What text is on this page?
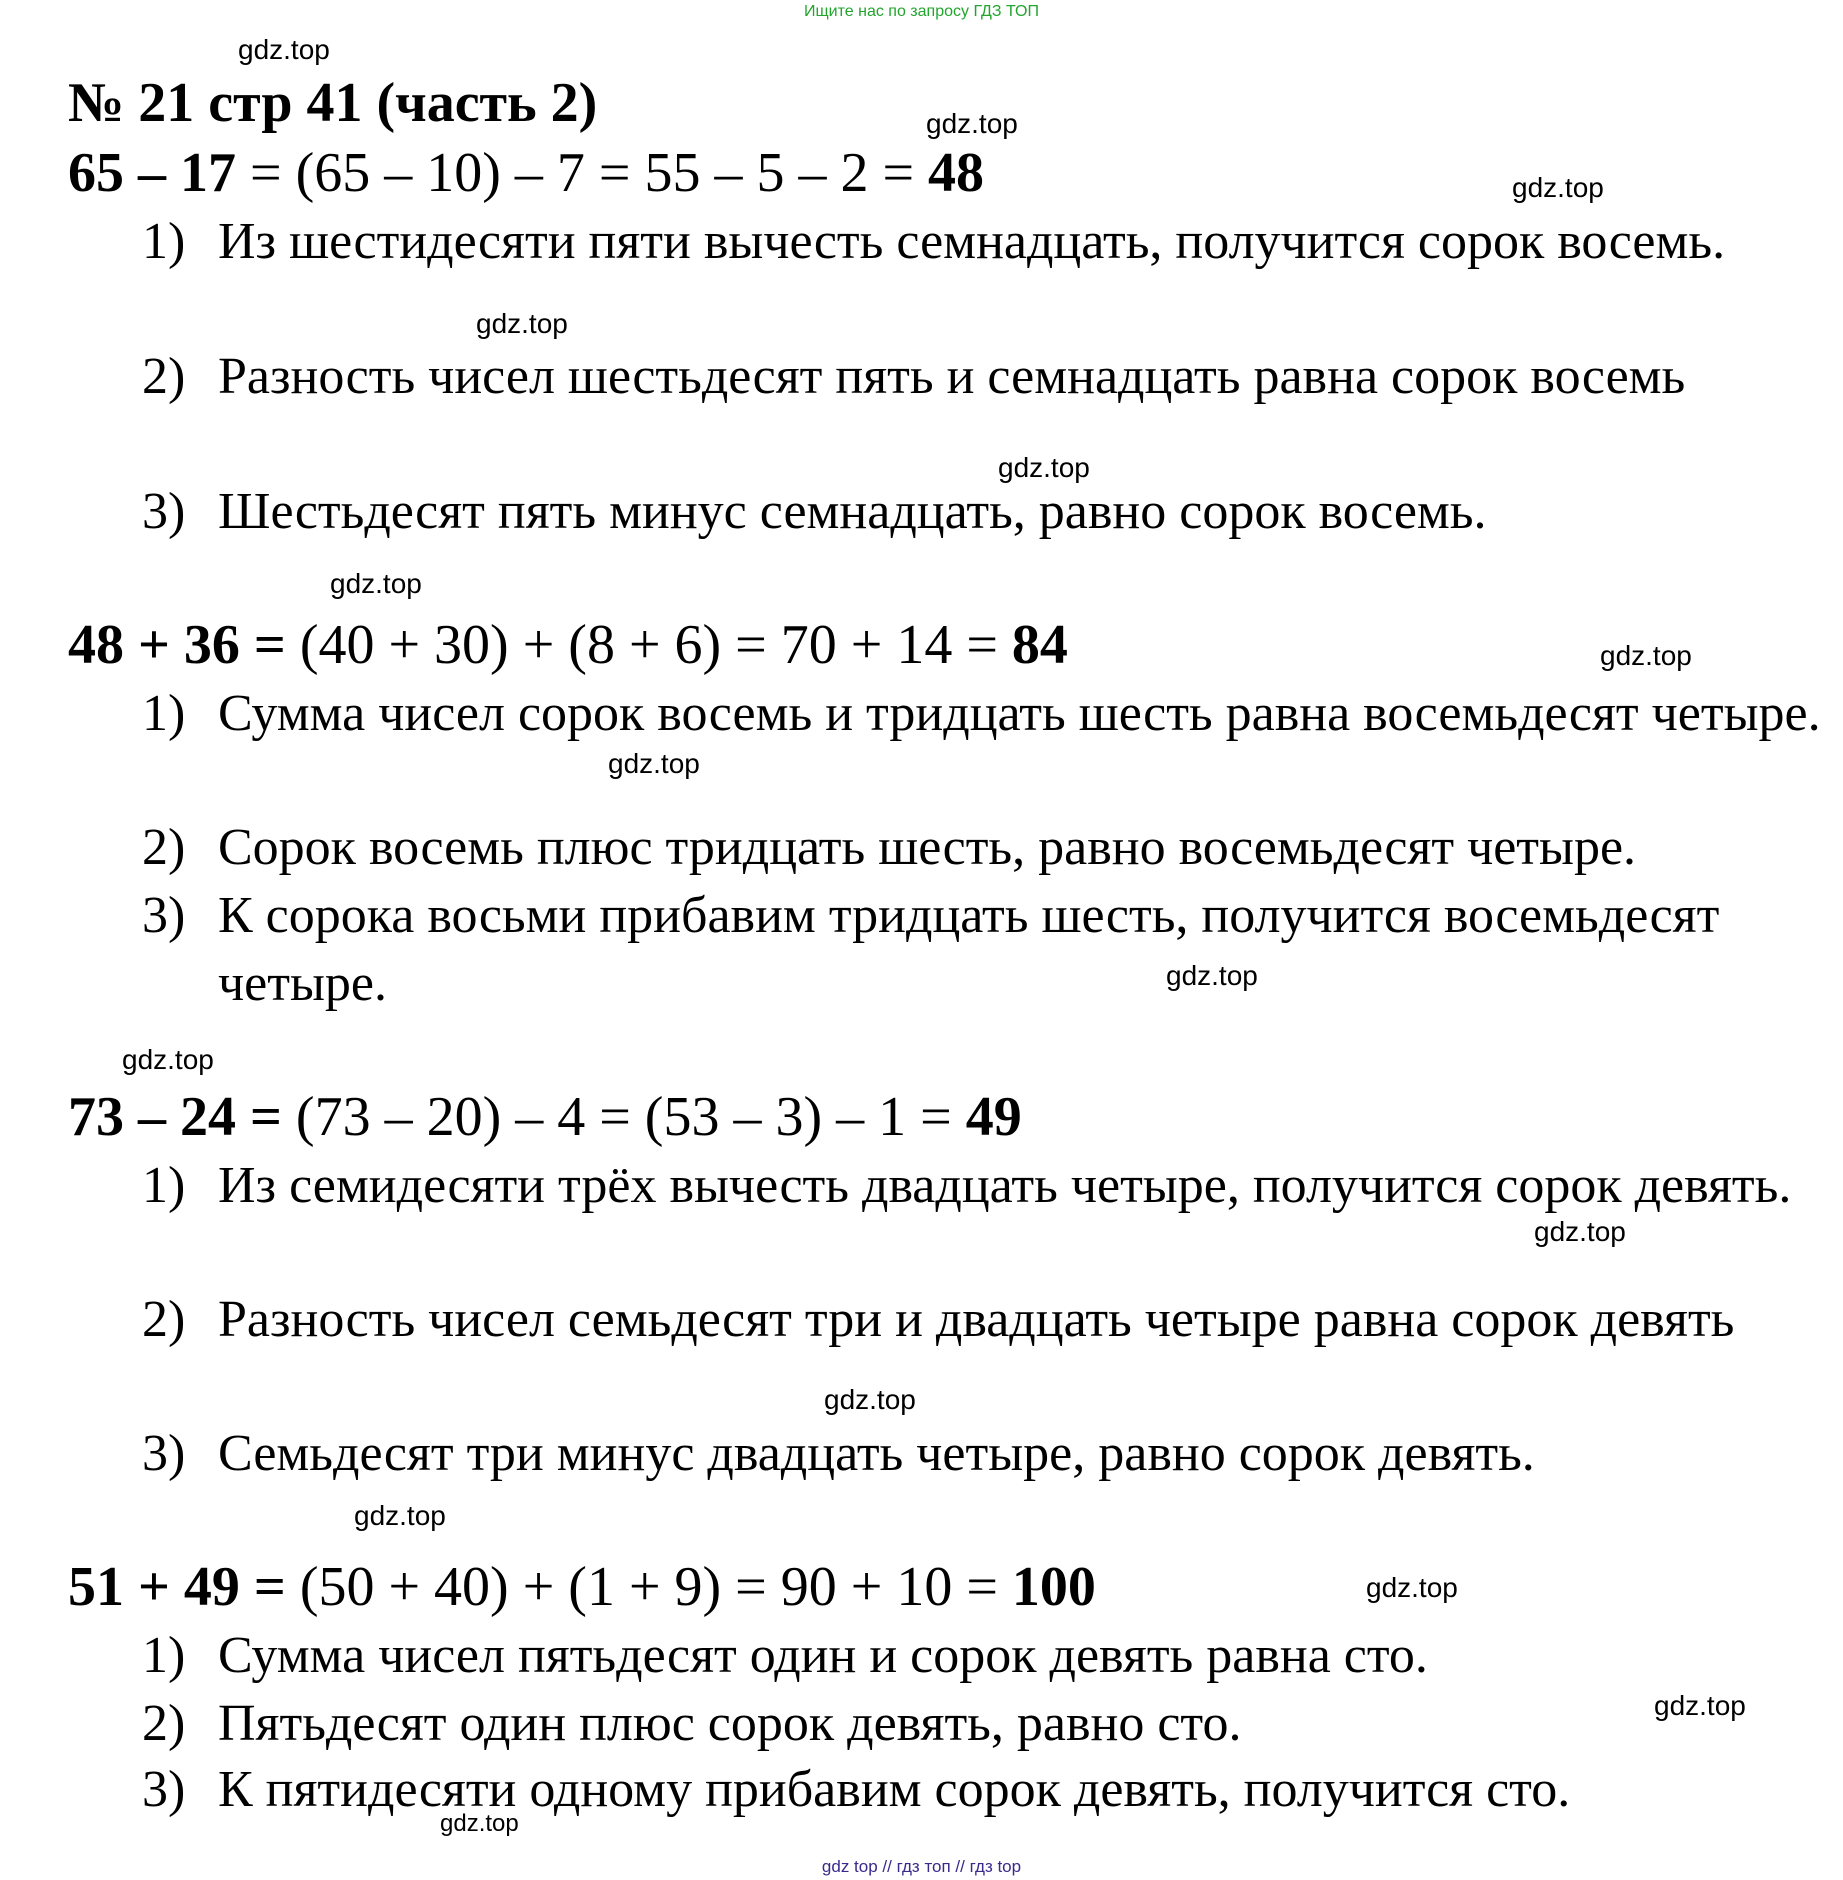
Ищите нас по запросу ГДЗ ТОП
gdz.top
gdz.top
gdz.top
gdz.top
gdz.top
gdz.top
gdz.top
gdz.top
gdz.top
gdz.top
gdz.top
gdz.top
gdz.top
gdz.top
gdz.top
gdz.top
№ 21 стр 41 (часть 2)
65 – 17 = (65 – 10) – 7 = 55 – 5 – 2 = 48
1) Из шестидесяти пяти вычесть семнадцать, получится сорок восемь.
2) Разность чисел шестьдесят пять и семнадцать равна сорок восемь
3) Шестьдесят пять минус семнадцать, равно сорок восемь.
48 + 36 = (40 + 30) + (8 + 6) = 70 + 14 = 84
1) Сумма чисел сорок восемь и тридцать шесть равна восемьдесят четыре.
2) Сорок восемь плюс тридцать шесть, равно восемьдесят четыре.
3) К сорока восьми прибавим тридцать шесть, получится восемьдесят четыре.
73 – 24 = (73 – 20) – 4 = (53 – 3) – 1 = 49
1) Из семидесяти трёх вычесть двадцать четыре, получится сорок девять.
2) Разность чисел семьдесят три и двадцать четыре равна сорок девять
3) Семьдесят три минус двадцать четыре, равно сорок девять.
51 + 49 = (50 + 40) + (1 + 9) = 90 + 10 = 100
1) Сумма чисел пятьдесят один и сорок девять равна сто.
2) Пятьдесят один плюс сорок девять, равно сто.
3) К пятидесяти одному прибавим сорок девять, получится сто.
gdz top // гдз топ // гдз top
